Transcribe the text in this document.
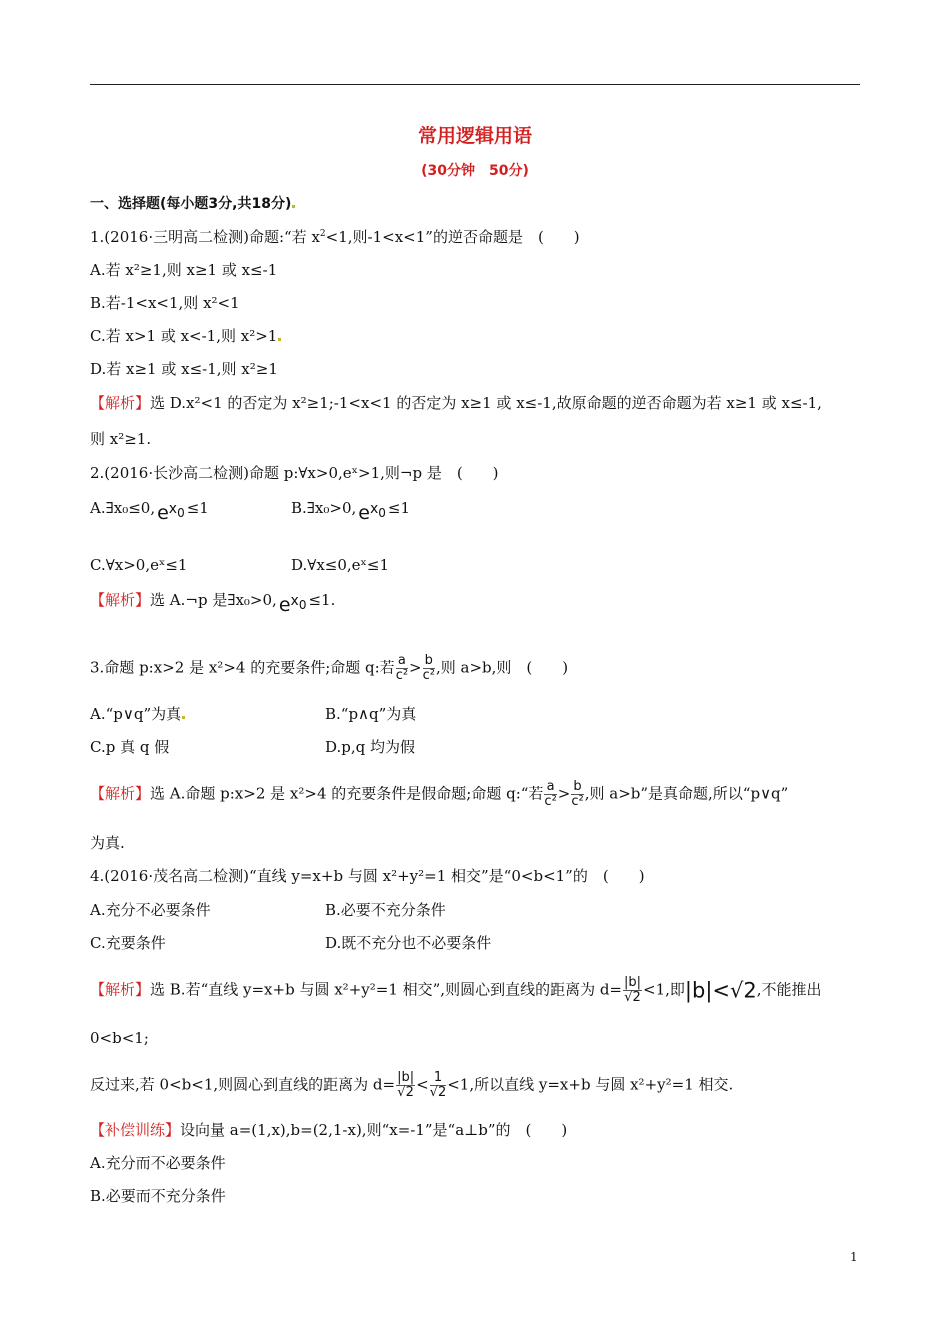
常用逻辑用语
(30分钟　50分)
一、选择题(每小题3分,共18分)
1.(2016·三明高二检测)命题:“若 $x^2<1$,则-1<x<1”的逆否命题是　(　　)
A.若 x²≥1,则 x≥1 或 x≤-1
B.若-1<x<1,则 x²<1
C.若 x>1 或 x<-1,则 x²>1
D.若 x≥1 或 x≤-1,则 x²≥1
【解析】选 D.x²<1 的否定为 x²≥1;-1<x<1 的否定为 x≥1 或 x≤-1,故原命题的逆否命题为若 x≥1 或 x≤-1,
则 x²≥1.
2.(2016·长沙高二检测)命题 p:∀x>0,eˣ>1,则¬p 是　(　　)
A.∃x₀≤0, $e^x_0 \le 1$	B.∃x₀>0, $e^x_0 \le 1$
C.∀x>0,eˣ≤1	D.∀x≤0,eˣ≤1
【解析】选 A.¬p 是∃x₀>0, $e^x_0 \le 1$.
3.命题 p:x>2 是 x²>4 的充要条件;命题 q:若 $\frac{a}{\text{c²}} > \frac{b}{\text{c²}}$ ,则 a>b,则　(　　)
A.“p∨q”为真	B.“p∧q”为真
C.p 真 q 假	D.p,q 均为假
【解析】选 A.命题 p:x>2 是 x²>4 的充要条件是假命题;命题 q:“若 $\frac{a}{\text{c²}} > \frac{b}{\text{c²}}$ ,则 a>b”是真命题,所以“p∨q”
为真.
4.(2016·茂名高二检测)“直线 y=x+b 与圆 x²+y²=1 相交”是“0<b<1”的　(　　)
A.充分不必要条件	B.必要不充分条件
C.充要条件	D.既不充分也不必要条件
【解析】选 B.若“直线 y=x+b 与圆 x²+y²=1 相交”,则圆心到直线的距离为 $d= \frac{|b|}{√2} <1$,即|b|<√2,不能推出
0<b<1;
反过来,若 0<b<1,则圆心到直线的距离为 $d= \frac{|b|}{√2} < \frac{1}{√2} <1$,所以直线 y=x+b 与圆 x²+y²=1 相交.
【补偿训练】设向量 a=(1,x),b=(2,1-x),则“x=-1”是“a⊥b”的　(　　)
A.充分而不必要条件
B.必要而不充分条件
1
